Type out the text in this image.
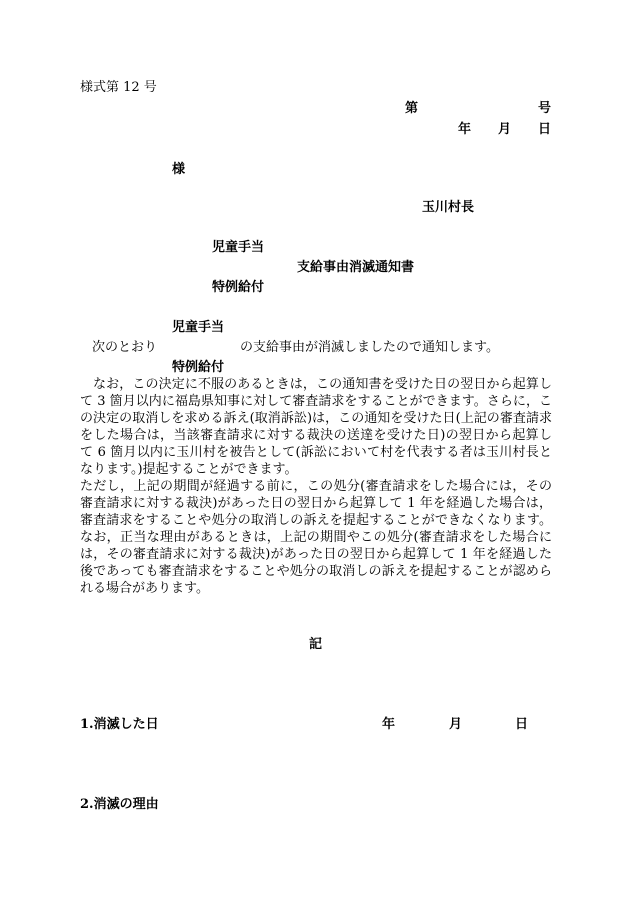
様式第 12 号

第	号

年 月 日

様

玉川村長

児童手当

支給事由消滅通知書

特例給付

児童手当

次のとおり	の支給事由が消滅しましたので通知します。

特例給付

なお，この決定に不服のあるときは，この通知書を受けた日の翌日から起算して 3 箇月以内に福島県知事に対して審査請求をすることができます。さらに，この決定の取消しを求める訴え(取消訴訟)は，この通知を受けた日(上記の審査請求をした場合は，当該審査請求に対する裁決の送達を受けた日)の翌日から起算して 6 箇月以内に玉川村を被告として(訴訟において村を代表する者は玉川村長となります。)提起することができます。

ただし，上記の期間が経過する前に，この処分(審査請求をした場合には，その審査請求に対する裁決)があった日の翌日から起算して 1 年を経過した場合は，審査請求をすることや処分の取消しの訴えを提起することができなくなります。なお，正当な理由があるときは，上記の期間やこの処分(審査請求をした場合には，その審査請求に対する裁決)があった日の翌日から起算して 1 年を経過した後であっても審査請求をすることや処分の取消しの訴えを提起することが認められる場合があります。

記

1.消滅した日	年	月	日

2.消滅の理由
